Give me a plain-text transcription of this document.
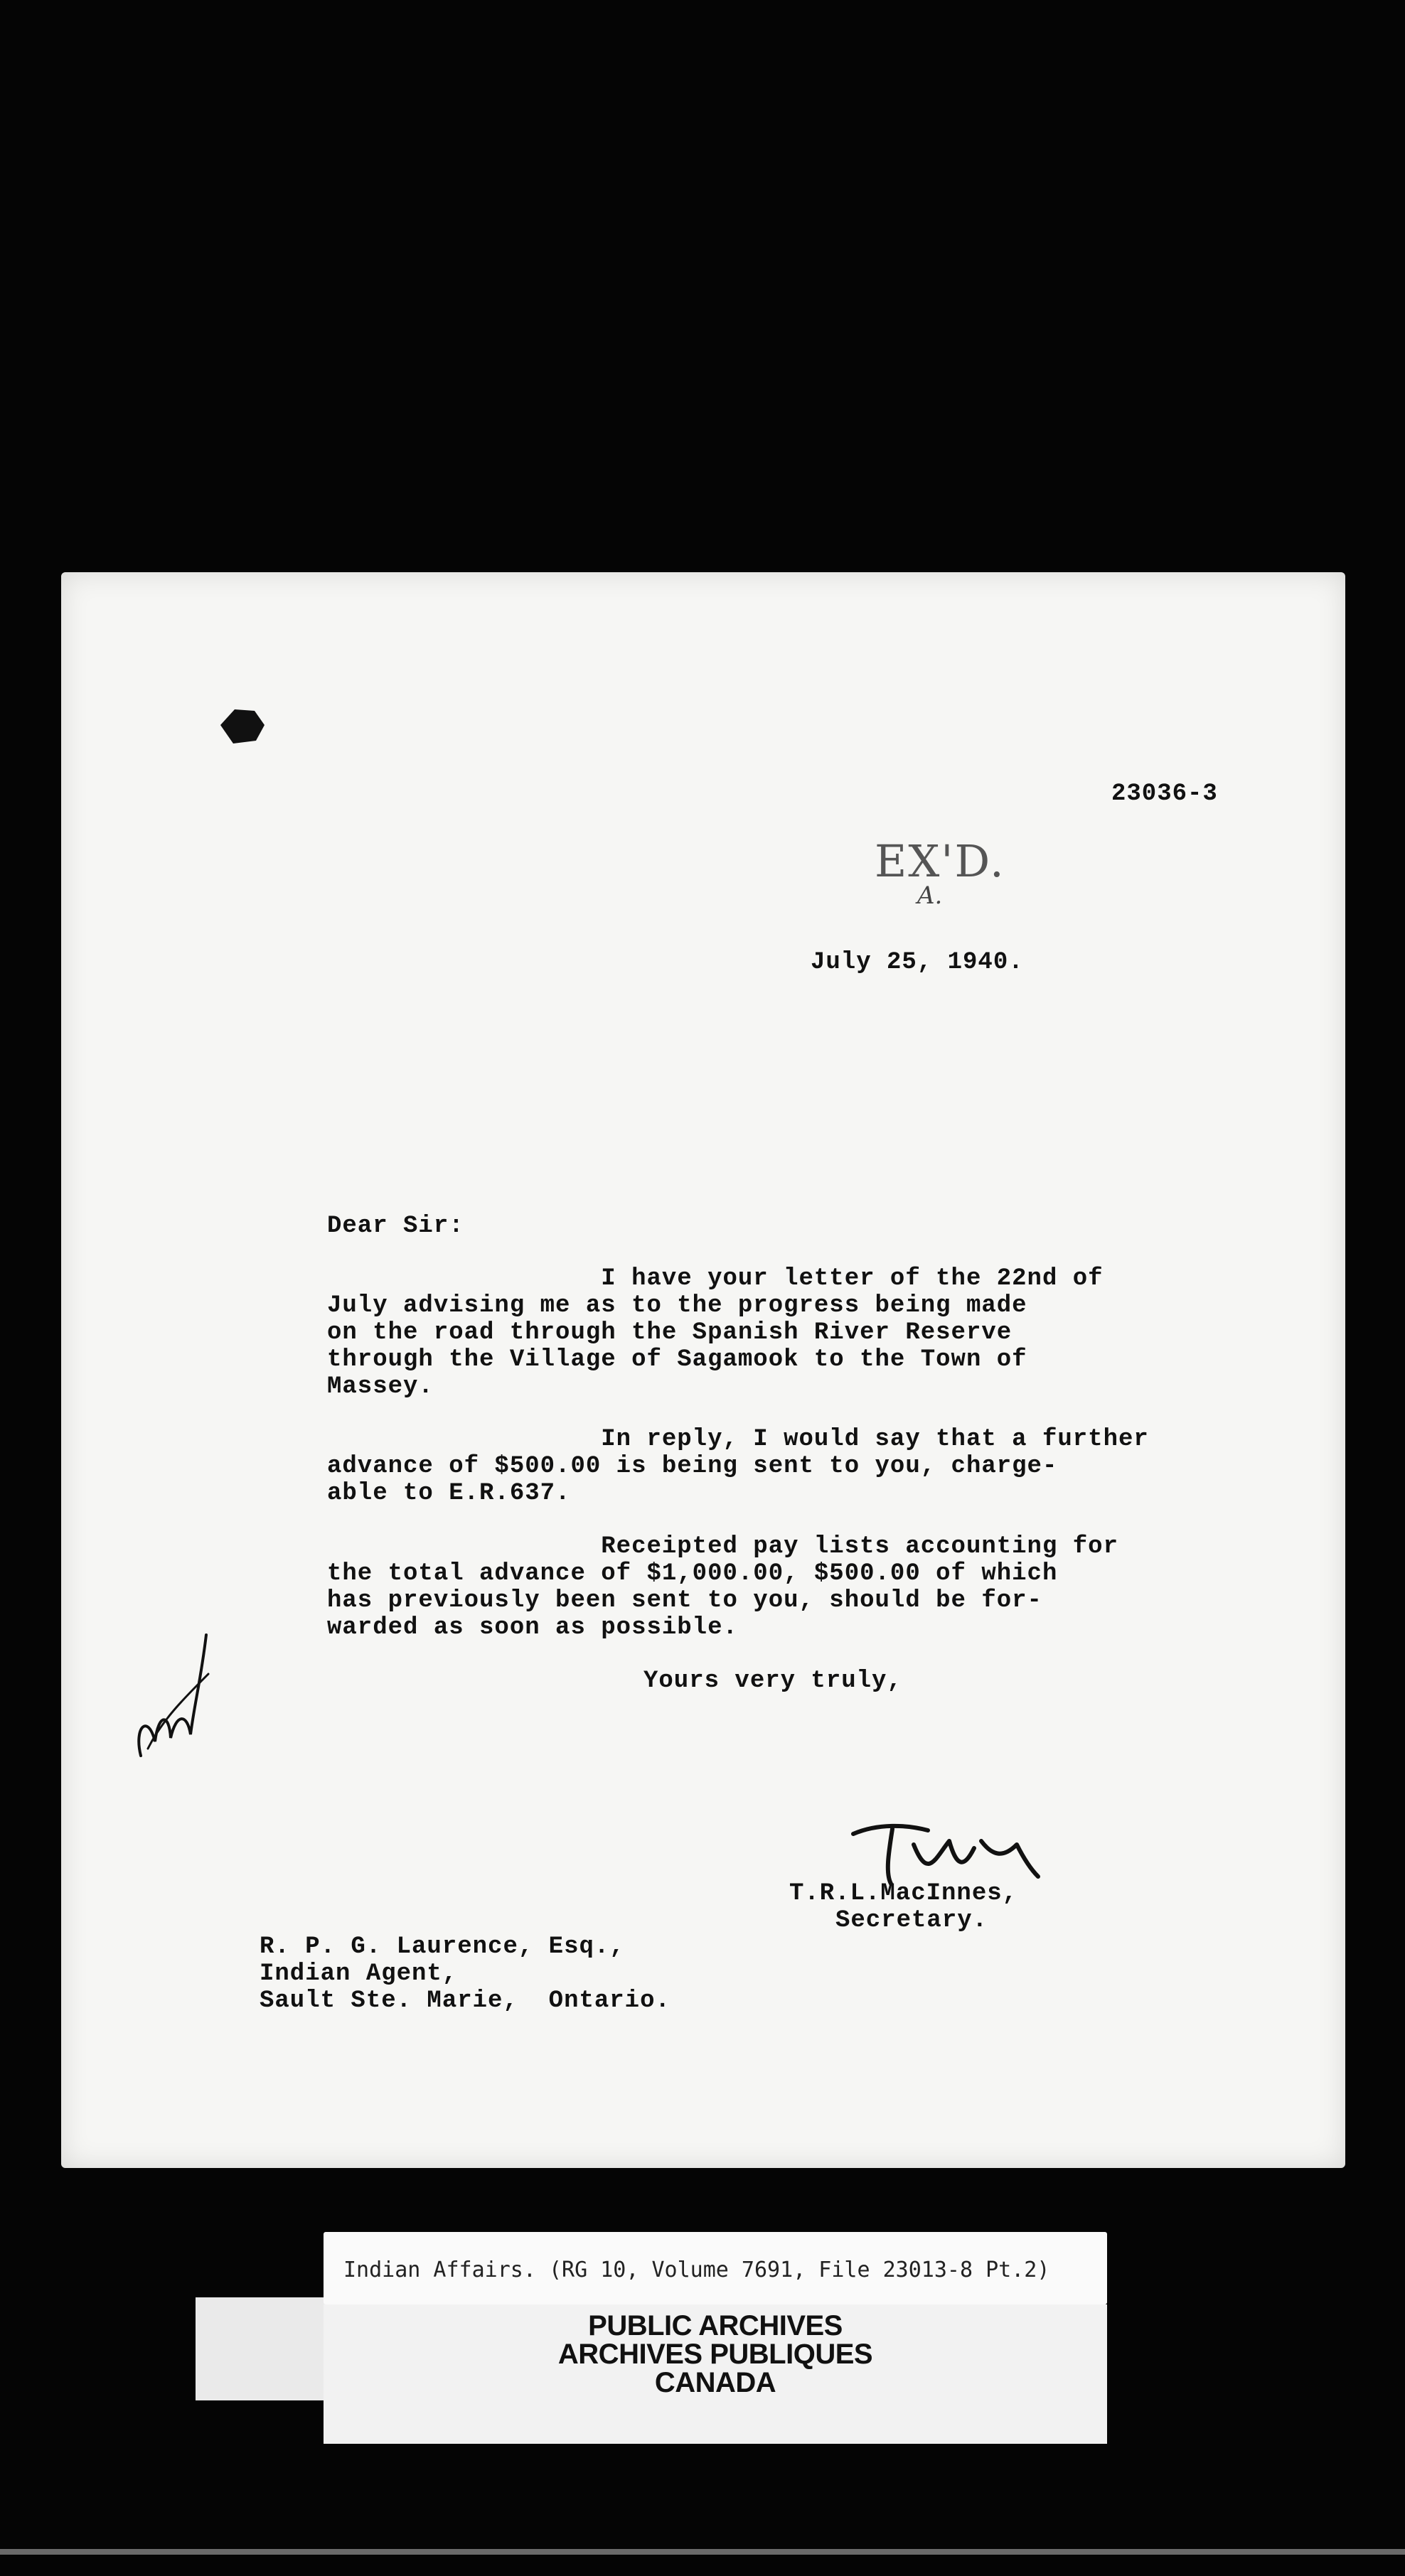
23036-3
EX'D.
A.
July 25, 1940.
Dear Sir:
I have your letter of the 22nd of
July advising me as to the progress being made
on the road through the Spanish River Reserve
through the Village of Sagamook to the Town of
Massey.
In reply, I would say that a further
advance of $500.00 is being sent to you, charge-
able to E.R.637.
Receipted pay lists accounting for
the total advance of $1,000.00, $500.00 of which
has previously been sent to you, should be for-
warded as soon as possible.
Yours very truly,
T.R.L.MacInnes,
Secretary.
R. P. G. Laurence, Esq.,
Indian Agent,
Sault Ste. Marie,  Ontario.
Indian Affairs. (RG 10, Volume 7691, File 23013-8 Pt.2)
PUBLIC ARCHIVES
ARCHIVES PUBLIQUES
CANADA
